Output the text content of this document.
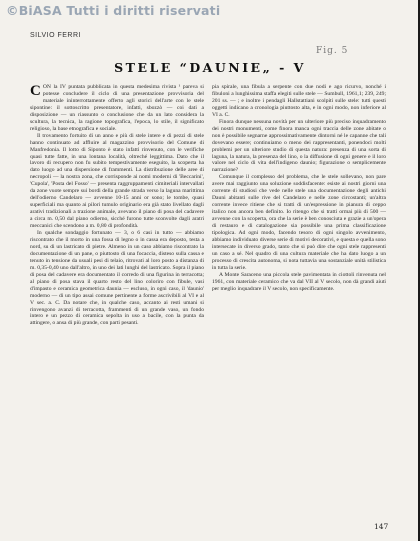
©BiASA Tutti i diritti riservati
SILVIO FERRI
Fig. 5
STELE “DAUNIE„ - V

CON la IV puntata pubblicata in questa medesima rivista ¹ pareva si potesse concludere il ciclo di una presentazione provvisoria del materiale ininterrottamente offerto agli storici dell'arte con le stele sipontine: il sottoscritto presentatore, infatti, sbozzò — coi dati a disposizione — un riassunto o conclusione che da un lato considera la scultura, la tecnica, la ragione topografica, l'epoca, lo stile, il significato religioso, la base etnografica e sociale.

Il trovamento fortuito di un anno e più di stele intere e di pezzi di stele hanno continuato ad affluire al magazzino provvisorio del Comune di Manfredonia. Il lotto di Siponto è stato infatti rinvenuto, con le verifiche quasi tutte fatte, in una lontana località, oltreché leggittima. Dato che il lavoro di recupero non fu subito tempestivamente eseguito, la scoperta ha dato luogo ad una dispersione di frammenti. La distribuzione delle aree di necropoli — la nostra zona, che corrisponde ai nomi moderni di 'Beccarini', 'Cupola', 'Posta del Fosso' — presenta raggruppamenti cimiteriali intervallati da zone vuote sempre sui bordi della grande strada verso la laguna marittima dell'odierno Candelaro — avvenne 10-15 anni or sono; le tombe, quasi superficiali ma quanto ai pilori tumulo originario era già stato livellato dagli arativi tradizionali a trazione animale, avevano il piano di posa del cadavere a circa m. 0,50 dal piano odierno, sicché furono tutte sconvolte dagli aratri meccanici che scendono a m. 0,80 di profondità.

In qualche sondaggio fortunato — 3, o 6 casi in tutto — abbiamo riscontrato che il morto in una fossa di legno o in cassa era deposto, testa a nord, su di un lastricato di pietre. Almeno in un caso abbiamo riscontrato la documentazione di un pane, o piuttosto di una focaccia, disteso sulla cassa e tenuto in tensione da usuali pesi di telaio, ritrovati al loro posto a distanza di m. 0,35-0,40 uno dall'altro, in uno dei lati lunghi del lastricato. Sopra il piano di posa del cadavere era documentato il corredo di una figurina in terracotta; al piano di posa stava il quarto resto del lino coloriro con fibule, vasi d'impasto e ceramica geometrica daunia — escluso, in ogni caso, il 'daunio' moderno — di un tipo assai comune pertinente a forme ascrivibili al VI e al V sec. a. C. Da notare che, in qualche caso, accanto ai resti umani si rinvengono avanzi di terracotta, frammenti di un grande vaso, un fondo intero e un pezzo di ceramica sepolta in uso a bacile, con la punta da attingere, o ansa di più grande, con parti pesanti.

pia spirale, una fibula a serpente con due nodi e ago ricurvo, nonché i fibuloni a lunghissima staffa elegiti sulle stele — Sumbull, 1961,1; 239, 249; 201 ss. — ; e inoltre i pendagli Hallstattiani scolpiti sulle stele: tutti questi oggetti indicano a cronologia piuttosto alta, e in ogni modo, non inferiore al VI a. C.

Finora dunque nessuna novità per un ulteriore più preciso inquadramento dei nostri monumenti, come finora manca ogni traccia delle zone abitate o non è possibile segnarne approssimativamente dintorni né le capanne che tali dovevano essere; continuiamo o meno dei rappresentanti, ponendoci molti problemi per un ulteriore studio di questa natura: presenza di una sorta di laguna, la natura, la presenza del lino, o la diffusione di ogni genere e il loro valore nel ciclo di vita dell'indigeno daunio; figurazione o semplicemente narrazione?

Comunque il complesso del problema, che le stele sollevano, non pare avere mai raggiunto una soluzione soddisfacente: esiste ai nostri giorni una corrente di studiosi che vede nelle stele una documentazione degli antichi Dauni abitanti sulle rive del Candelaro e nelle zone circostanti; un'altra corrente invece ritiene che si tratti di un'espressione in pianura di ceppo italico non ancora ben definito. Io ritengo che si tratti ormai più di 500 — avvenne con la scoperta, ora che la serie è ben conosciuta e grazie a un'opera di restauro e di catalogazione sia possibile una prima classificazione tipologica. Ad ogni modo, facendo tesoro di ogni singolo avvenimento, abbiamo individuato diverse serie di motivi decorativi, e questa e quella sono intersecate in diverso grado, tanto che si può dire che ogni stele rappresenti un caso a sé. Nel quadro di una cultura materiale che ha dato luogo a un processo di crescita autonoma, si nota tuttavia una sostanziale unità stilistica in tutta la serie.

A Monte Saraceno una piccola stele pavimentata in ciottoli rinvenuta nel 1961, con materiale ceramico che va dal VII al V secolo, non dà grandi aiuti per meglio inquadrare il V secolo, non specificamente.

147
